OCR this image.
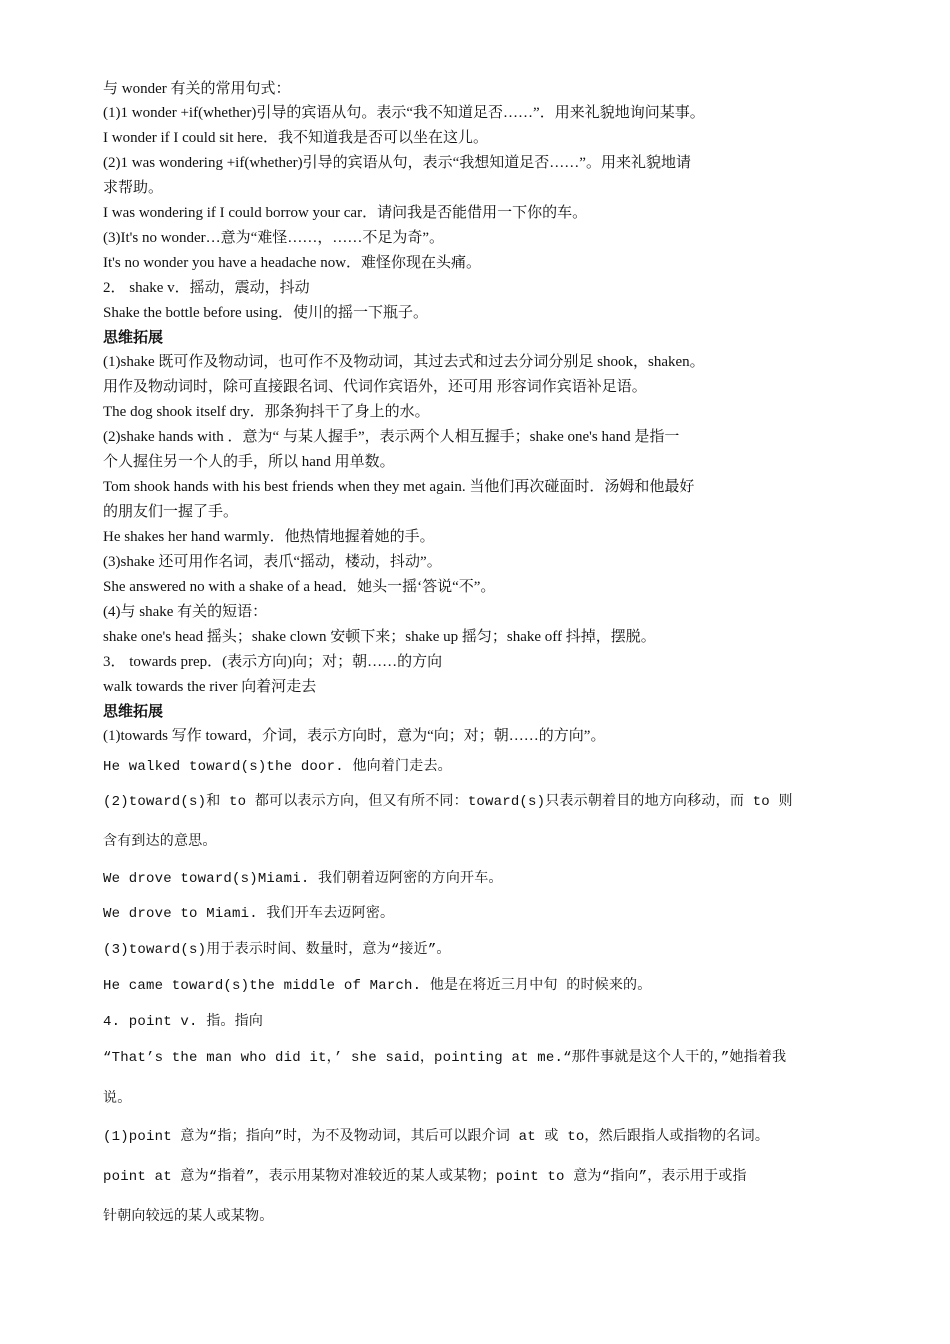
与 wonder 有关的常用句式：

(1)1 wonder +if(whether)引导的宾语从句。表示“我不知道足否……”．用来礼貌地询问某事。

I wonder if I could sit here．我不知道我是否可以坐在这儿。

(2)1 was wondering +if(whether)引导的宾语从句，表示“我想知道足否……”。用来礼貌地请

求帮助。

I was wondering if I could borrow your car．请问我是否能借用一下你的车。

(3)It's no wonder…意为“难怪……，……不足为奇”。

It's no wonder you have a headache now．难怪你现在头痛。

2． shake v．摇动，震动，抖动

Shake the bottle before using．使川的摇一下瓶子。

思维拓展

(1)shake 既可作及物动词，也可作不及物动词，其过去式和过去分词分别足 shook，shaken。

用作及物动词时，除可直接跟名词、代词作宾语外，还可用 形容词作宾语补足语。

The dog shook itself dry．那条狗抖干了身上的水。

(2)shake hands with ．意为“ 与某人握手”，表示两个人相互握手；shake one's hand 是指一

个人握住另一个人的手，所以 hand 用单数。

Tom shook hands with his best friends when they met again. 当他们再次碰面时．汤姆和他最好

的朋友们一握了手。

He shakes her hand warmly．他热情地握着她的手。

(3)shake 还可用作名词，表爪“摇动，楼动，抖动”。

She answered no with a shake of a head．她头一摇‘答说“不”。

(4)与 shake 有关的短语：

shake one's head 摇头；shake clown 安顿下来；shake up 摇匀；shake off 抖掉，摆脱。

3． towards prep．(表示方向)向；对；朝……的方向

walk towards the river 向着河走去

思维拓展

(1)towards 写作 toward，介词，表示方向时，意为“向；对；朝……的方向”。

He walked toward(s)the door. 他向着门走去。

(2)toward(s)和 to 都可以表示方向，但又有所不同：toward(s)只表示朝着目的地方向移动，而 to 则

含有到达的意思。

We drove toward(s)Miami. 我们朝着迈阿密的方向开车。

We drove to Miami. 我们开车去迈阿密。

(3)toward(s)用于表示时间、数量时，意为“接近”。

He came toward(s)the middle of March. 他是在将近三月中旬 的时候来的。

4. point v. 指。指向

“That’s the man who did it，’ she said，pointing at me.“那件事就是这个人干的，”她指着我

说。

(1)point 意为“指；指向”时，为不及物动词，其后可以跟介词 at 或 to，然后跟指人或指物的名词。

point at 意为“指着”，表示用某物对准较近的某人或某物；point to 意为“指向”，表示用于或指

针朝向较远的某人或某物。
